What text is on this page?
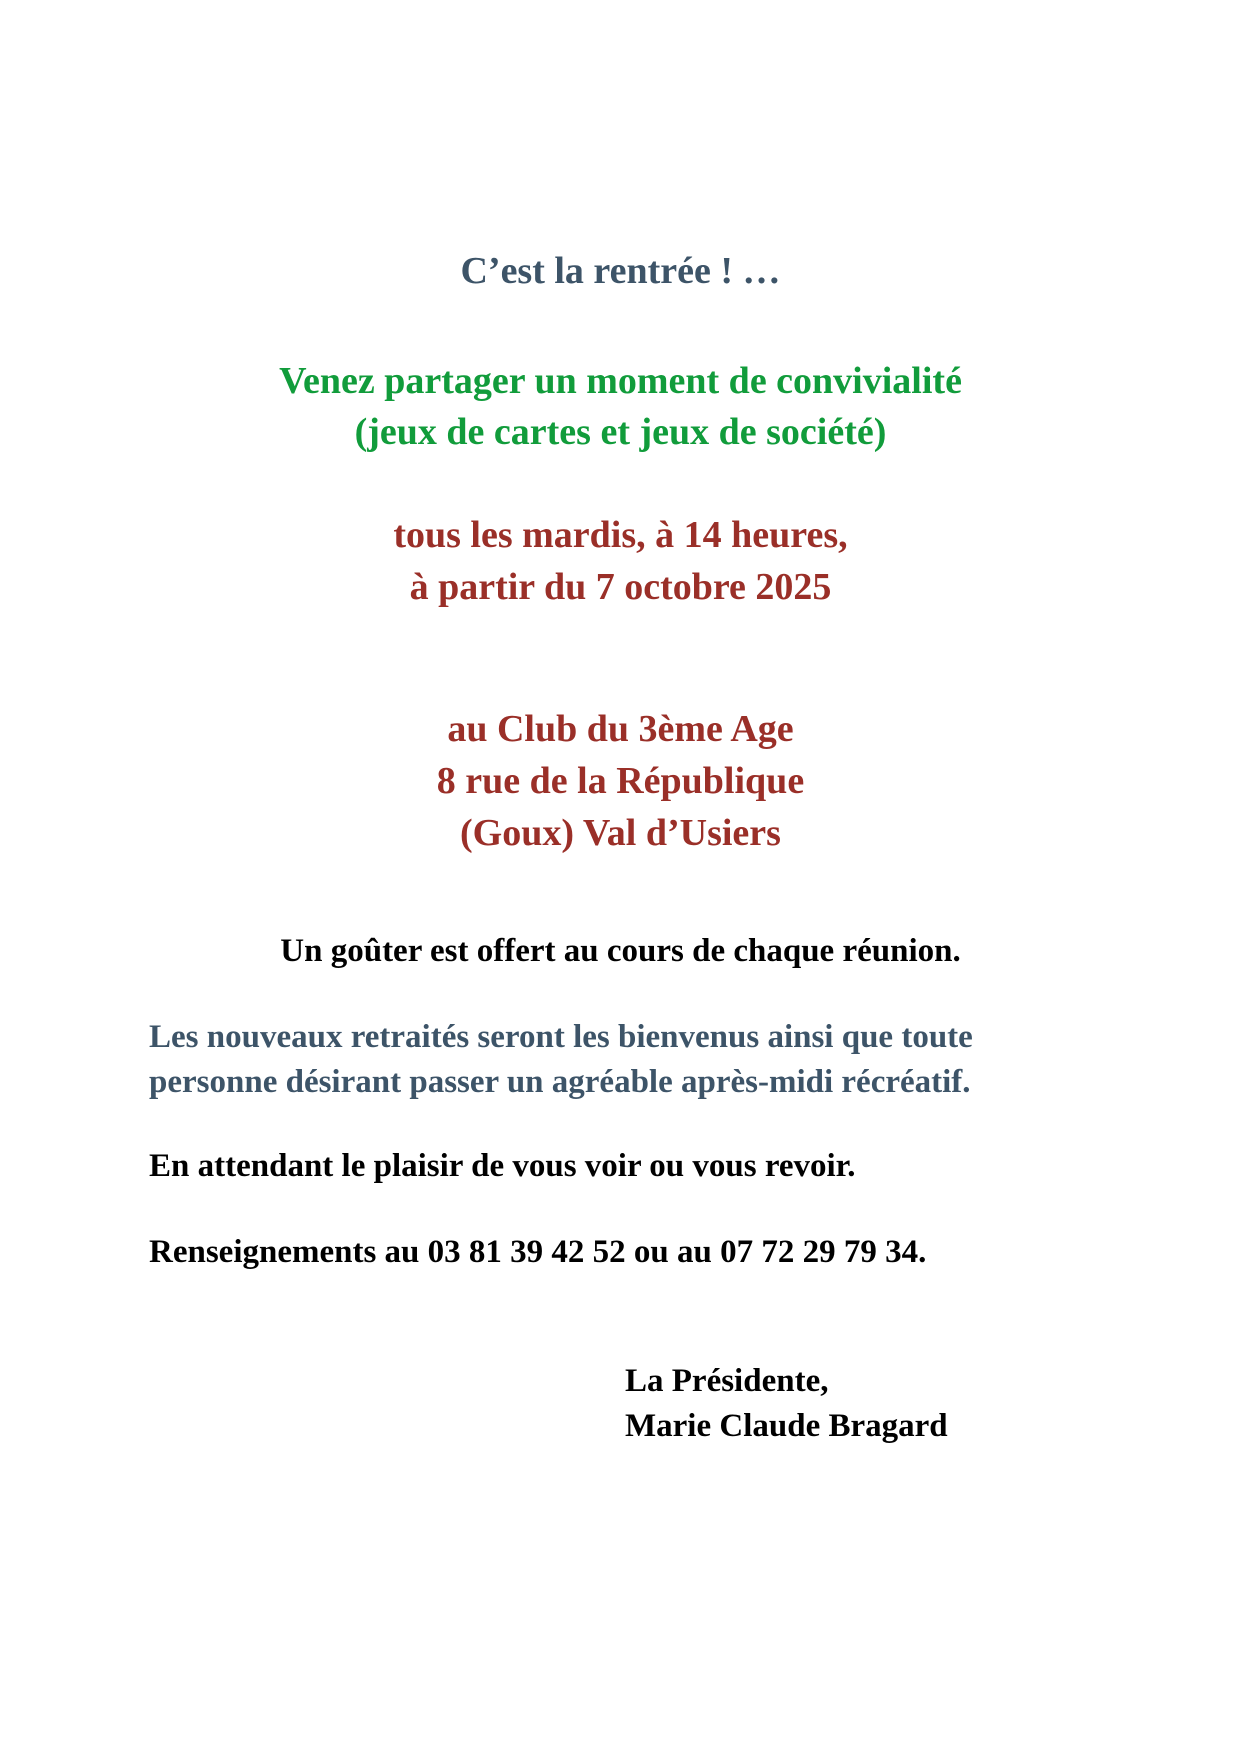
C’est la rentrée ! …
Venez partager un moment de convivialité
(jeux de cartes et jeux de société)
tous les mardis, à 14 heures,
à partir du 7 octobre 2025
au Club du 3ème Age
8 rue de la République
(Goux) Val d’Usiers
Un goûter est offert au cours de chaque réunion.
Les nouveaux retraités seront les bienvenus ainsi que toute
personne désirant passer un agréable après-midi récréatif.
En attendant le plaisir de vous voir ou vous revoir.
Renseignements au 03 81 39 42 52 ou au 07 72 29 79 34.
La Présidente,
Marie Claude Bragard
